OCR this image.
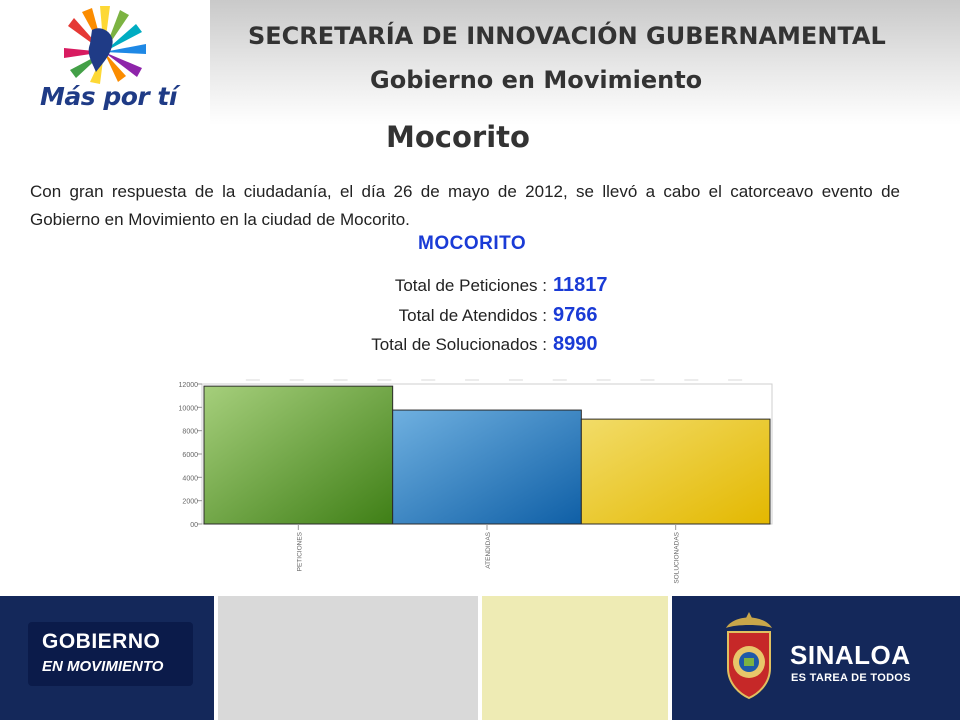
Más por tí
SECRETARÍA DE INNOVACIÓN GUBERNAMENTAL
Gobierno en Movimiento
Mocorito
Con gran respuesta de la ciudadanía, el día 26 de mayo de 2012, se llevó a cabo el catorceavo evento de Gobierno en Movimiento en la ciudad de Mocorito.
MOCORITO
Total de Peticiones : 11817
Total de Atendidos : 9766
Total de Solucionados : 8990
12000
10000
8000
6000
4000
2000
00
PETICIONES	ATENDIDAS	SOLUCIONADAS
GOBIERNO
EN MOVIMIENTO	SINALOA
ES TAREA DE TODOS
